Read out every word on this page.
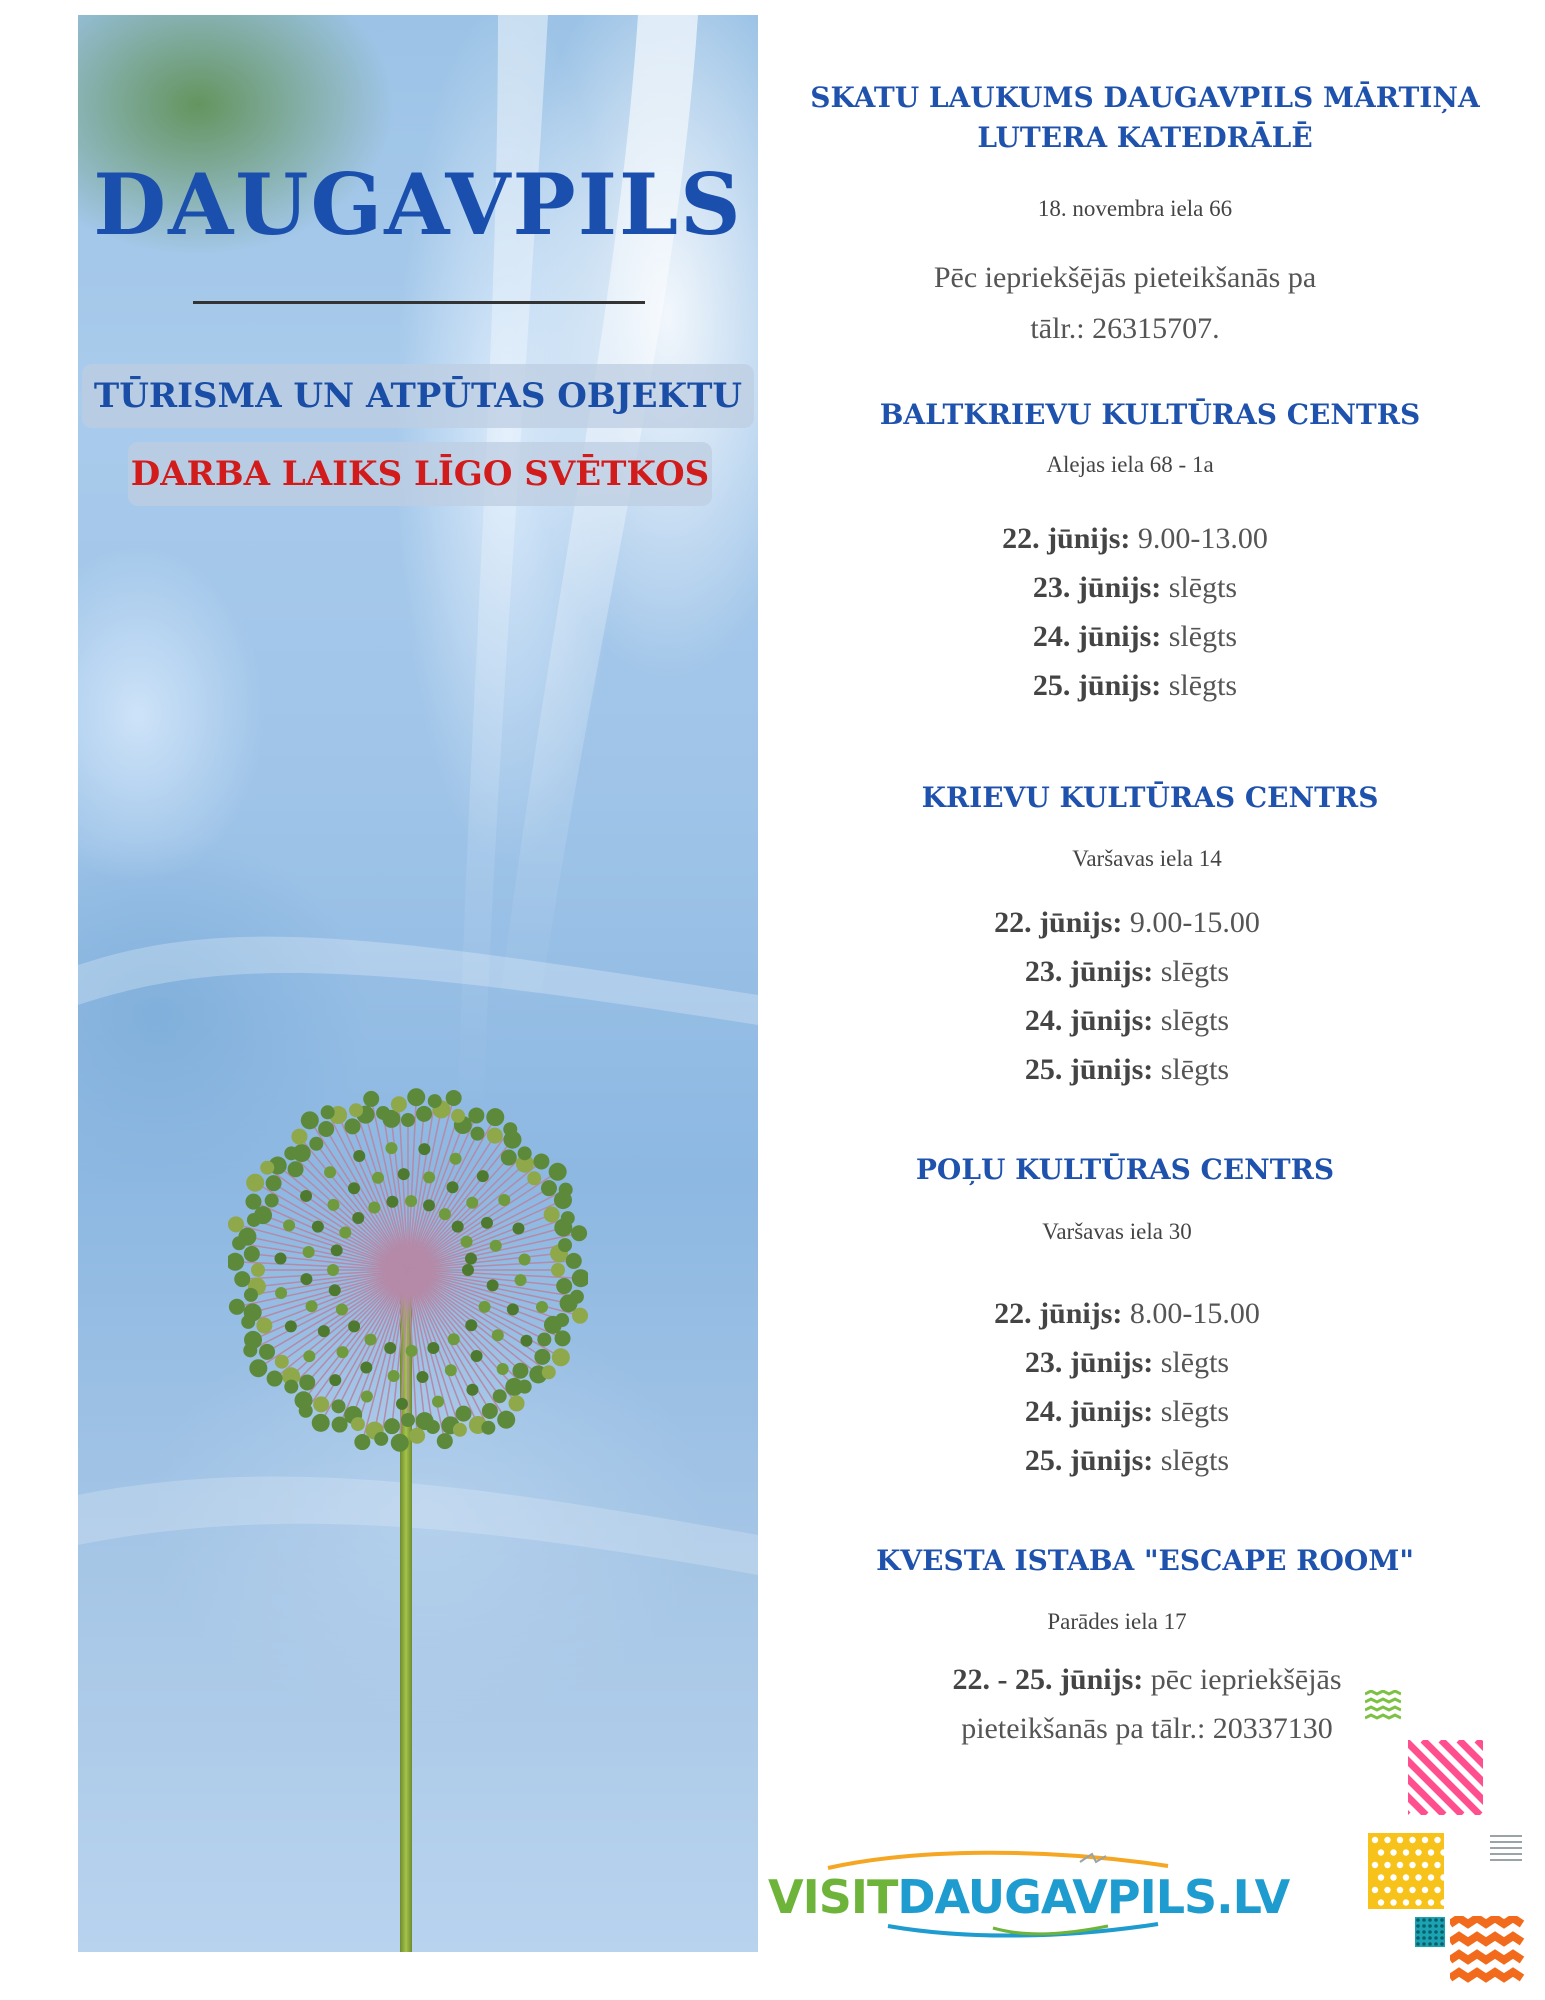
DAUGAVPILS
TŪRISMA UN ATPŪTAS OBJEKTU
DARBA LAIKS LĪGO SVĒTKOS

SKATU LAUKUMS DAUGAVPILS MĀRTIŅA

LUTERA KATEDRĀLĒ

18. novembra iela 66

Pēc iepriekšējās pieteikšanās pa

tālr.: 26315707.

BALTKRIEVU KULTŪRAS CENTRS

Alejas iela 68 - 1a

22. jūnijs: 9.00-13.00

23. jūnijs: slēgts

24. jūnijs: slēgts

25. jūnijs: slēgts

KRIEVU KULTŪRAS CENTRS

Varšavas iela 14

22. jūnijs: 9.00-15.00

23. jūnijs: slēgts

24. jūnijs: slēgts

25. jūnijs: slēgts

POĻU KULTŪRAS CENTRS

Varšavas iela 30

22. jūnijs: 8.00-15.00

23. jūnijs: slēgts

24. jūnijs: slēgts

25. jūnijs: slēgts

KVESTA ISTABA "ESCAPE ROOM"

Parādes iela 17

22. - 25. jūnijs: pēc iepriekšējās

pieteikšanās pa tālr.: 20337130

VISITDAUGAVPILS.LV
